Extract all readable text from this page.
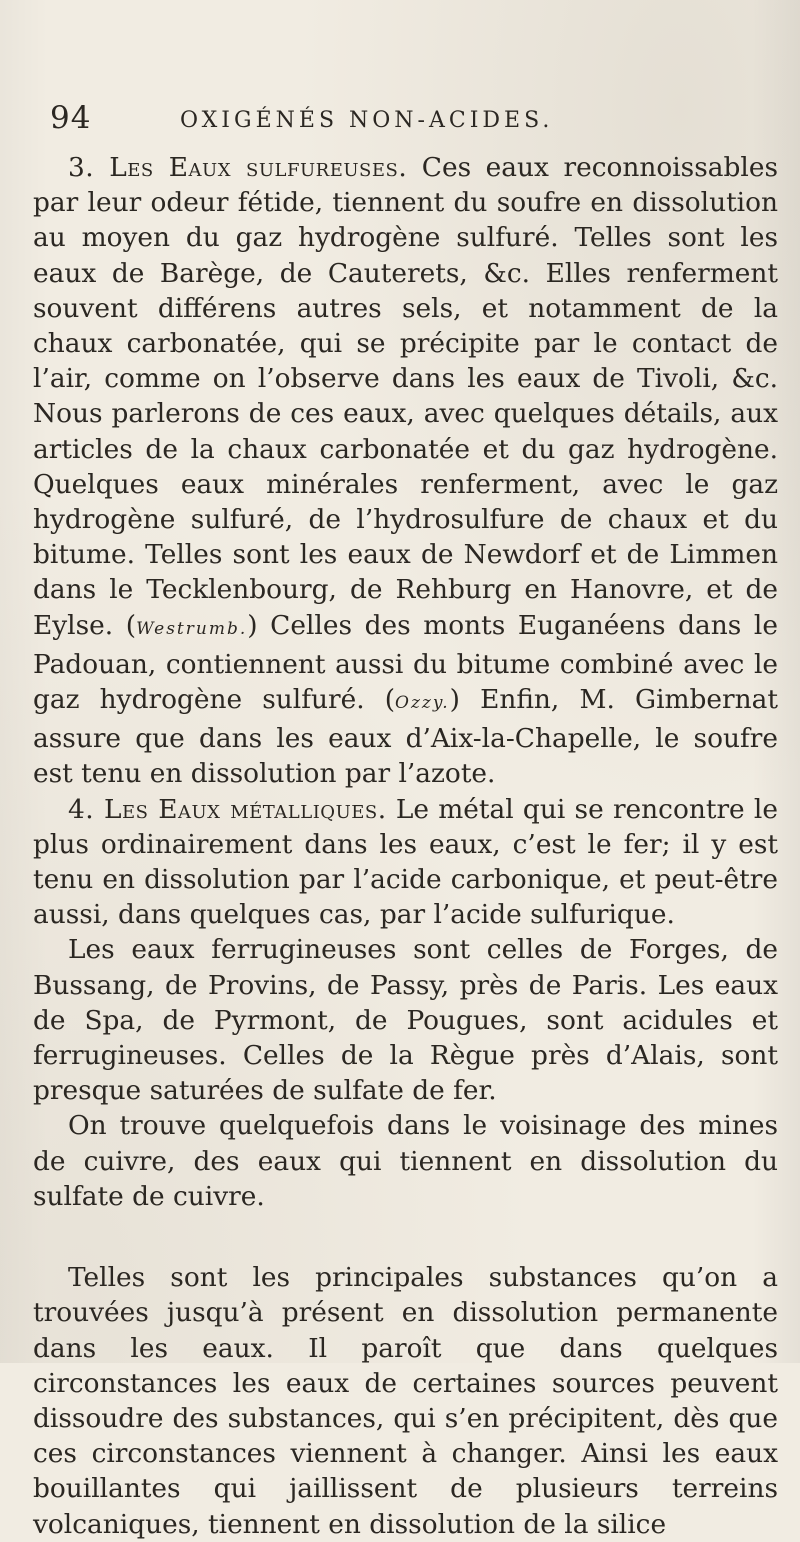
94	OXIGÉNÉS NON-ACIDES.

3. Les Eaux sulfureuses. Ces eaux reconnoissables par leur odeur fétide, tiennent du soufre en dissolution au moyen du gaz hydrogène sulfuré. Telles sont les eaux de Barège, de Cauterets, &c. Elles renferment souvent différens autres sels, et notamment de la chaux carbonatée, qui se précipite par le contact de l’air, comme on l’observe dans les eaux de Tivoli, &c. Nous parlerons de ces eaux, avec quelques détails, aux articles de la chaux carbonatée et du gaz hydrogène. Quelques eaux minérales renferment, avec le gaz hydrogène sulfuré, de l’hydrosulfure de chaux et du bitume. Telles sont les eaux de Newdorf et de Limmen dans le Tecklenbourg, de Rehburg en Hanovre, et de Eylse. (Westrumb.) Celles des monts Euganéens dans le Padouan, contiennent aussi du bitume combiné avec le gaz hydrogène sulfuré. (Ozzy.) Enfin, M. Gimbernat assure que dans les eaux d’Aix-la-Chapelle, le soufre est tenu en dissolution par l’azote.

4. Les Eaux métalliques. Le métal qui se rencontre le plus ordinairement dans les eaux, c’est le fer; il y est tenu en dissolution par l’acide carbonique, et peut-être aussi, dans quelques cas, par l’acide sulfurique.

Les eaux ferrugineuses sont celles de Forges, de Bussang, de Provins, de Passy, près de Paris. Les eaux de Spa, de Pyrmont, de Pougues, sont acidules et ferrugineuses. Celles de la Règue près d’Alais, sont presque saturées de sulfate de fer.

On trouve quelquefois dans le voisinage des mines de cuivre, des eaux qui tiennent en dissolution du sulfate de cuivre.

Telles sont les principales substances qu’on a trouvées jusqu’à présent en dissolution permanente dans les eaux. Il paroît que dans quelques circonstances les eaux de certaines sources peuvent dissoudre des substances, qui s’en précipitent, dès que ces circonstances viennent à changer. Ainsi les eaux bouillantes qui jaillissent de plusieurs terreins volcaniques, tiennent en dissolution de la silice
